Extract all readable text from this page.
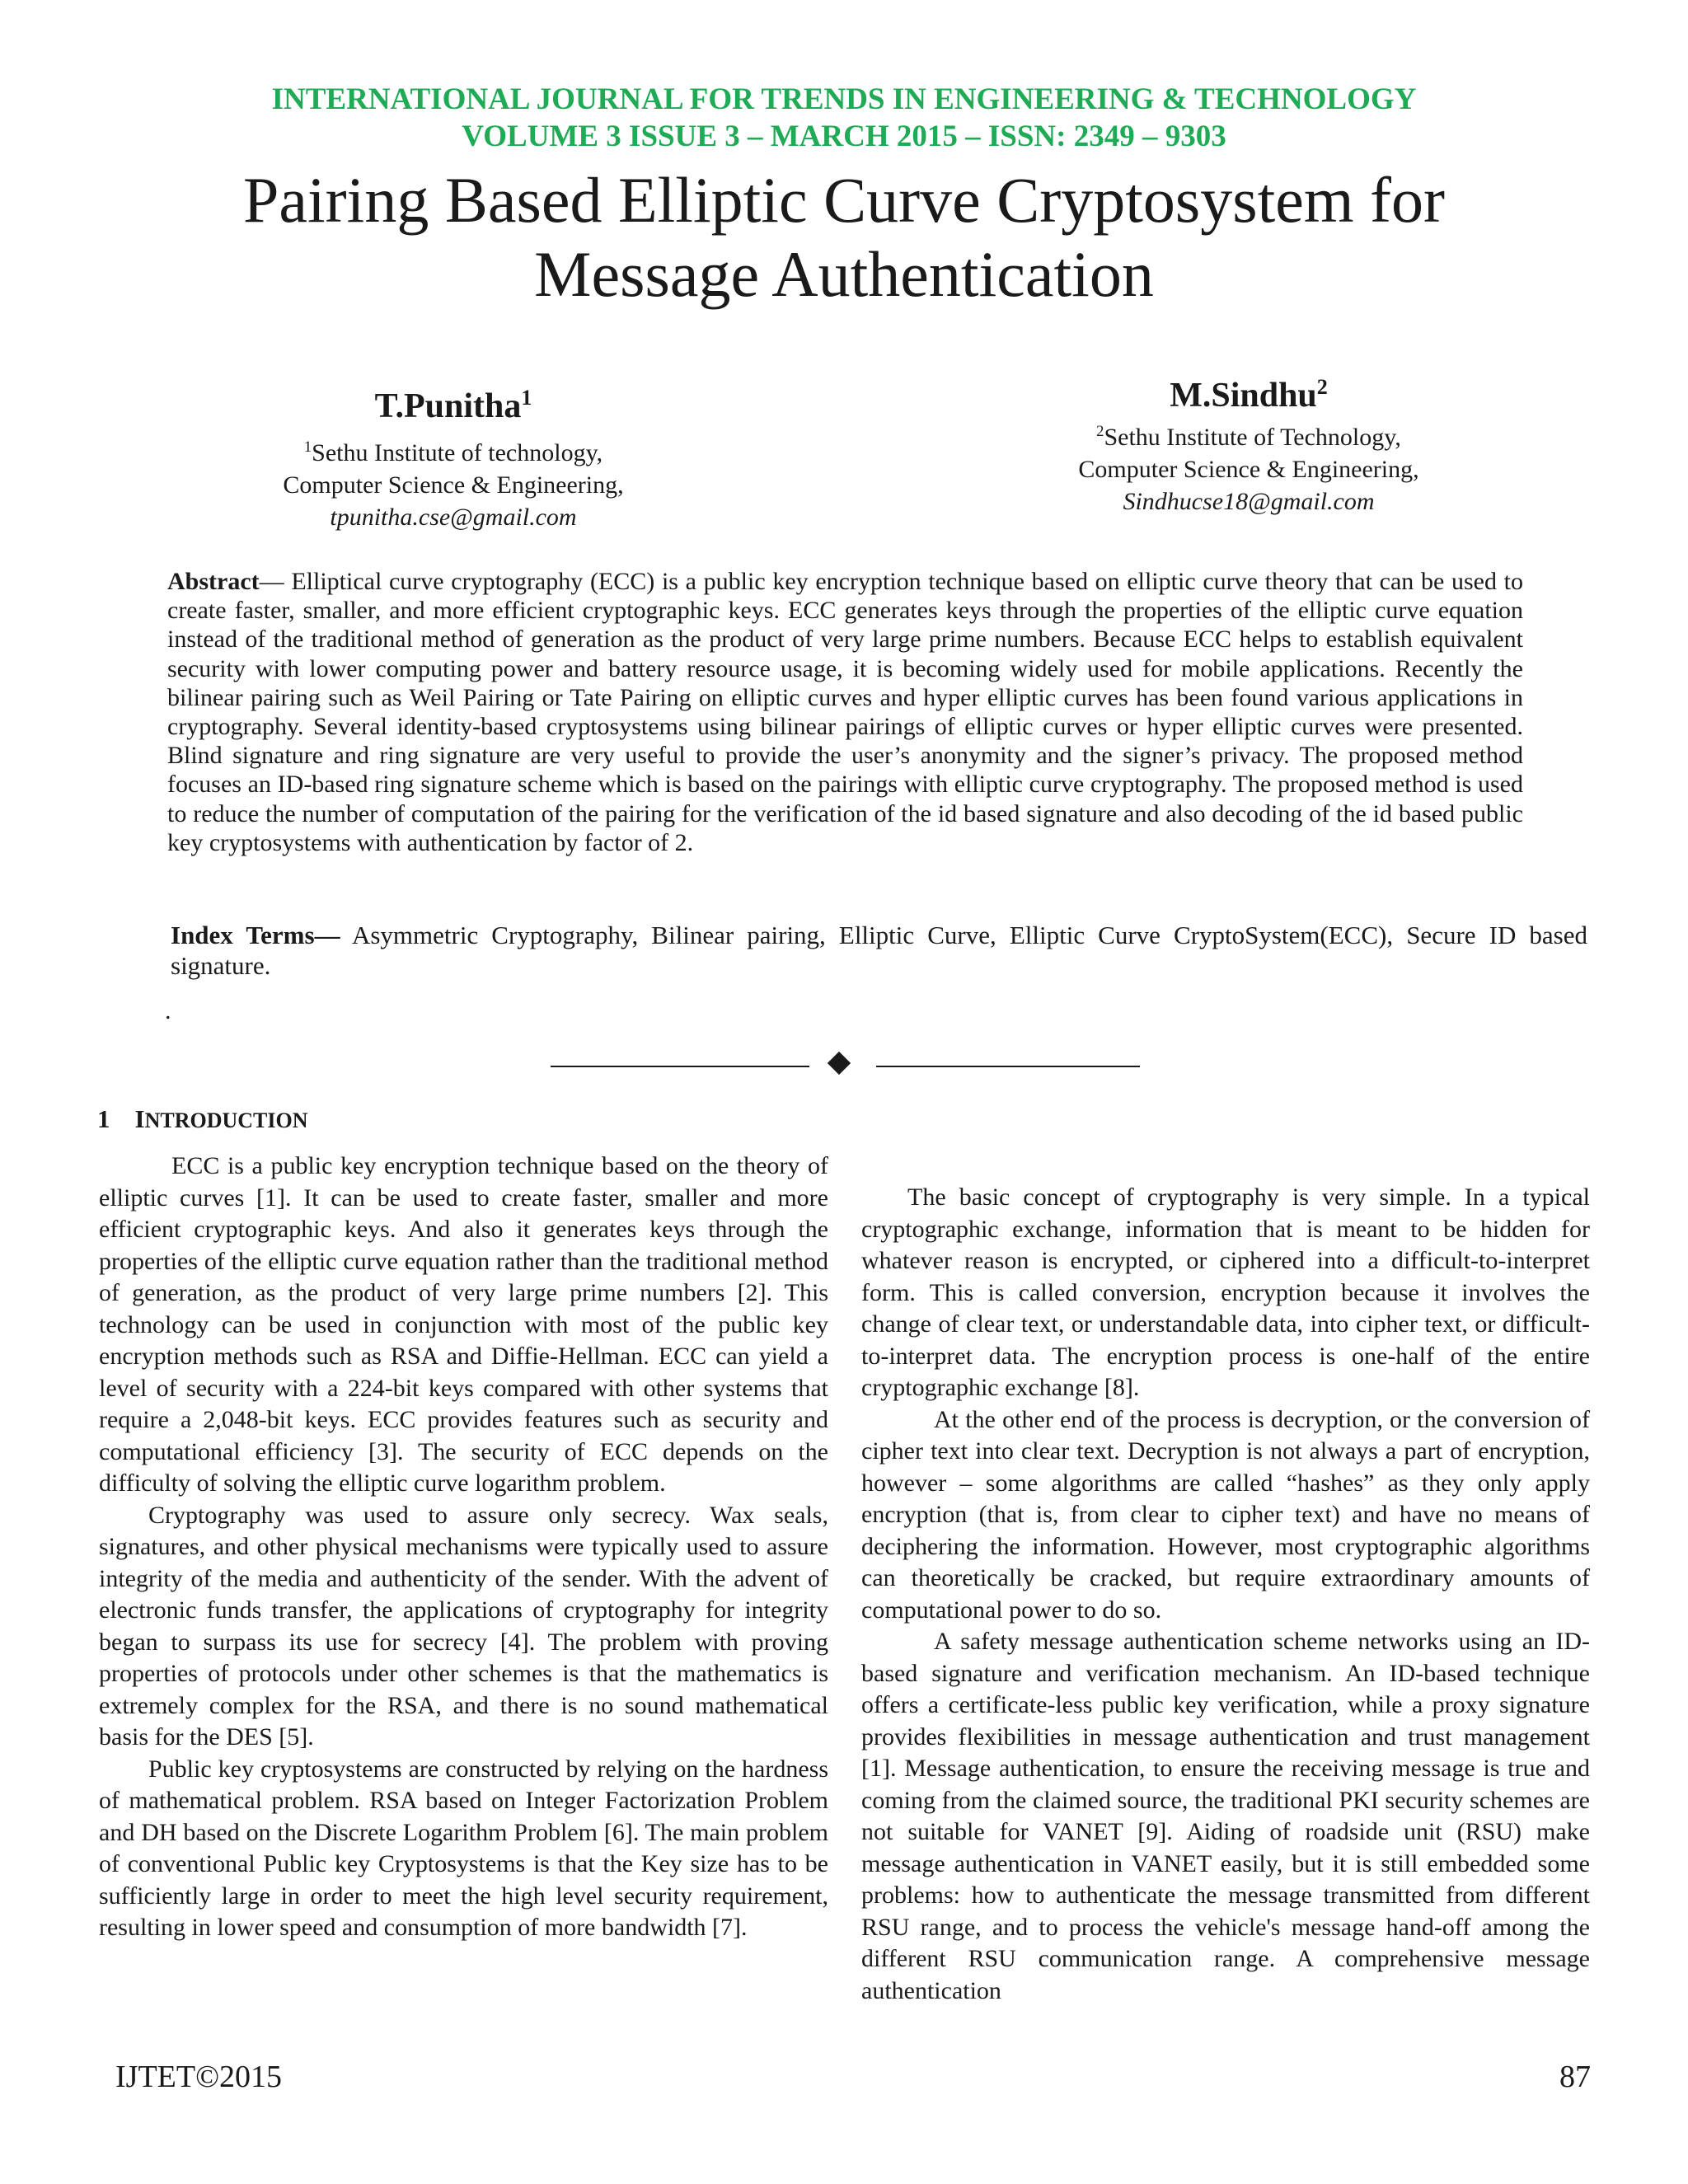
INTERNATIONAL JOURNAL FOR TRENDS IN ENGINEERING & TECHNOLOGY
VOLUME 3 ISSUE 3 – MARCH 2015 – ISSN: 2349 – 9303
Pairing Based Elliptic Curve Cryptosystem for
Message Authentication
T.Punitha$^1$
$^1$Sethu Institute of technology,
Computer Science & Engineering,
tpunitha.cse@gmail.com
M.Sindhu$^2$
$^2$Sethu Institute of Technology,
Computer Science & Engineering,
Sindhucse18@gmail.com
Abstract— Elliptical curve cryptography (ECC) is a public key encryption technique based on elliptic curve theory that can be used to create faster, smaller, and more efficient cryptographic keys. ECC generates keys through the properties of the elliptic curve equation instead of the traditional method of generation as the product of very large prime numbers. Because ECC helps to establish equivalent security with lower computing power and battery resource usage, it is becoming widely used for mobile applications. Recently the bilinear pairing such as Weil Pairing or Tate Pairing on elliptic curves and hyper elliptic curves has been found various applications in cryptography. Several identity-based cryptosystems using bilinear pairings of elliptic curves or hyper elliptic curves were presented. Blind signature and ring signature are very useful to provide the user’s anonymity and the signer’s privacy. The proposed method focuses an ID-based ring signature scheme which is based on the pairings with elliptic curve cryptography. The proposed method is used to reduce the number of computation of the pairing for the verification of the id based signature and also decoding of the id based public key cryptosystems with authentication by factor of 2.
Index Terms— Asymmetric Cryptography, Bilinear pairing, Elliptic Curve, Elliptic Curve CryptoSystem(ECC), Secure ID based signature.
.
1 INTRODUCTION

ECC is a public key encryption technique based on the theory of elliptic curves [1]. It can be used to create faster, smaller and more efficient cryptographic keys. And also it generates keys through the properties of the elliptic curve equation rather than the traditional method of generation, as the product of very large prime numbers [2]. This technology can be used in conjunction with most of the public key encryption methods such as RSA and Diffie-Hellman. ECC can yield a level of security with a 224-bit keys compared with other systems that require a 2,048-bit keys. ECC provides features such as security and computational efficiency [3]. The security of ECC depends on the difficulty of solving the elliptic curve logarithm problem.

Cryptography was used to assure only secrecy. Wax seals, signatures, and other physical mechanisms were typically used to assure integrity of the media and authenticity of the sender. With the advent of electronic funds transfer, the applications of cryptography for integrity began to surpass its use for secrecy [4]. The problem with proving properties of protocols under other schemes is that the mathematics is extremely complex for the RSA, and there is no sound mathematical basis for the DES [5].

Public key cryptosystems are constructed by relying on the hardness of mathematical problem. RSA based on Integer Factorization Problem and DH based on the Discrete Logarithm Problem [6]. The main problem of conventional Public key Cryptosystems is that the Key size has to be sufficiently large in order to meet the high level security requirement, resulting in lower speed and consumption of more bandwidth [7].

The basic concept of cryptography is very simple. In a typical cryptographic exchange, information that is meant to be hidden for whatever reason is encrypted, or ciphered into a difficult-to-interpret form. This is called conversion, encryption because it involves the change of clear text, or understandable data, into cipher text, or difficult-to-interpret data. The encryption process is one-half of the entire cryptographic exchange [8].

At the other end of the process is decryption, or the conversion of cipher text into clear text. Decryption is not always a part of encryption, however – some algorithms are called “hashes” as they only apply encryption (that is, from clear to cipher text) and have no means of deciphering the information. However, most cryptographic algorithms can theoretically be cracked, but require extraordinary amounts of computational power to do so.

A safety message authentication scheme networks using an ID-based signature and verification mechanism. An ID-based technique offers a certificate-less public key verification, while a proxy signature provides flexibilities in message authentication and trust management [1]. Message authentication, to ensure the receiving message is true and coming from the claimed source, the traditional PKI security schemes are not suitable for VANET [9]. Aiding of roadside unit (RSU) make message authentication in VANET easily, but it is still embedded some problems: how to authenticate the message transmitted from different RSU range, and to process the vehicle's message hand-off among the different RSU communication range. A comprehensive message authentication

IJTET©2015	87
